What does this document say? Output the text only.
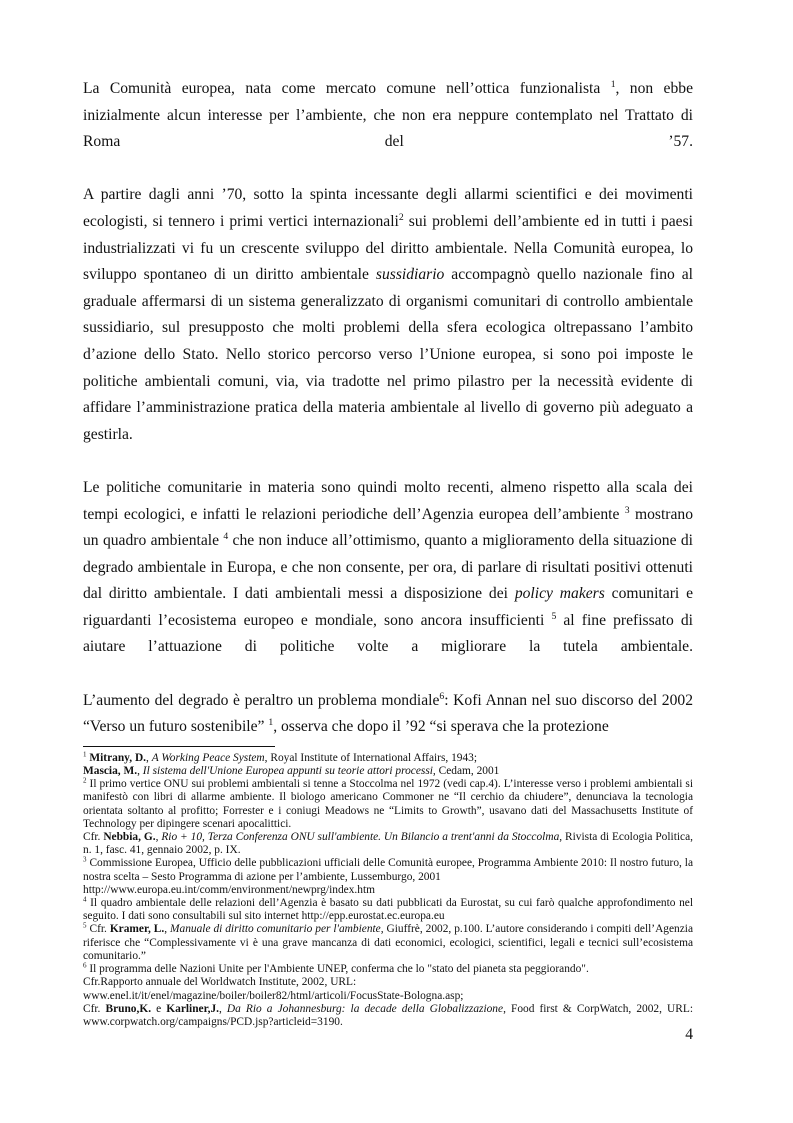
La Comunità europea, nata come mercato comune nell’ottica funzionalista $^1$, non ebbe inizialmente alcun interesse per l’ambiente, che non era neppure contemplato nel Trattato di Roma del ’57.

A partire dagli anni ’70, sotto la spinta incessante degli allarmi scientifici e dei movimenti ecologisti, si tennero i primi vertici internazionali$^2$ sui problemi dell’ambiente ed in tutti i paesi industrializzati vi fu un crescente sviluppo del diritto ambientale. Nella Comunità europea, lo sviluppo spontaneo di un diritto ambientale sussidiario accompagnò quello nazionale fino al graduale affermarsi di un sistema generalizzato di organismi comunitari di controllo ambientale sussidiario, sul presupposto che molti problemi della sfera ecologica oltrepassano l’ambito d’azione dello Stato. Nello storico percorso verso l’Unione europea, si sono poi imposte le politiche ambientali comuni, via, via tradotte nel primo pilastro per la necessità evidente di affidare l’amministrazione pratica della materia ambientale al livello di governo più adeguato a gestirla.

Le politiche comunitarie in materia sono quindi molto recenti, almeno rispetto alla scala dei tempi ecologici, e infatti le relazioni periodiche dell’Agenzia europea dell’ambiente $^3$ mostrano un quadro ambientale $^4$ che non induce all’ottimismo, quanto a miglioramento della situazione di degrado ambientale in Europa, e che non consente, per ora, di parlare di risultati positivi ottenuti dal diritto ambientale. I dati ambientali messi a disposizione dei policy makers comunitari e riguardanti l’ecosistema europeo e mondiale, sono ancora insufficienti $^5$ al fine prefissato di aiutare l’attuazione di politiche volte a migliorare la tutela ambientale.

L’aumento del degrado è peraltro un problema mondiale$^6$: Kofi Annan nel suo discorso del 2002 “Verso un futuro sostenibile” $^1$, osserva che dopo il ’92 “si sperava che la protezione

$^1$ Mitrany, D., A Working Peace System, Royal Institute of International Affairs, 1943;

Mascia, M., Il sistema dell'Unione Europea appunti su teorie attori processi, Cedam, 2001

$^2$ Il primo vertice ONU sui problemi ambientali si tenne a Stoccolma nel 1972 (vedi cap.4). L’interesse verso i problemi ambientali si manifestò con libri di allarme ambiente. Il biologo americano Commoner ne “Il cerchio da chiudere”, denunciava la tecnologia orientata soltanto al profitto; Forrester e i coniugi Meadows ne “Limits to Growth”, usavano dati del Massachusetts Institute of Technology per dipingere scenari apocalittici.

Cfr. Nebbia, G., Rio + 10, Terza Conferenza ONU sull'ambiente. Un Bilancio a trent'anni da Stoccolma, Rivista di Ecologia Politica, n. 1, fasc. 41, gennaio 2002, p. IX.

$^3$ Commissione Europea, Ufficio delle pubblicazioni ufficiali delle Comunità europee, Programma Ambiente 2010: Il nostro futuro, la nostra scelta – Sesto Programma di azione per l’ambiente, Lussemburgo, 2001

http://www.europa.eu.int/comm/environment/newprg/index.htm

$^4$ Il quadro ambientale delle relazioni dell’Agenzia è basato su dati pubblicati da Eurostat, su cui farò qualche approfondimento nel seguito. I dati sono consultabili sul sito internet http://epp.eurostat.ec.europa.eu

$^5$ Cfr. Kramer, L., Manuale di diritto comunitario per l'ambiente, Giuffrè, 2002, p.100. L’autore considerando i compiti dell’Agenzia riferisce che “Complessivamente vi è una grave mancanza di dati economici, ecologici, scientifici, legali e tecnici sull’ecosistema comunitario.”

$^6$ Il programma delle Nazioni Unite per l'Ambiente UNEP, conferma che lo "stato del pianeta sta peggiorando".

Cfr.Rapporto annuale del Worldwatch Institute, 2002, URL:

www.enel.it/it/enel/magazine/boiler/boiler82/html/articoli/FocusState-Bologna.asp;

Cfr. Bruno,K. e Karliner,J., Da Rio a Johannesburg: la decade della Globalizzazione, Food first & CorpWatch, 2002, URL: www.corpwatch.org/campaigns/PCD.jsp?articleid=3190.

4
